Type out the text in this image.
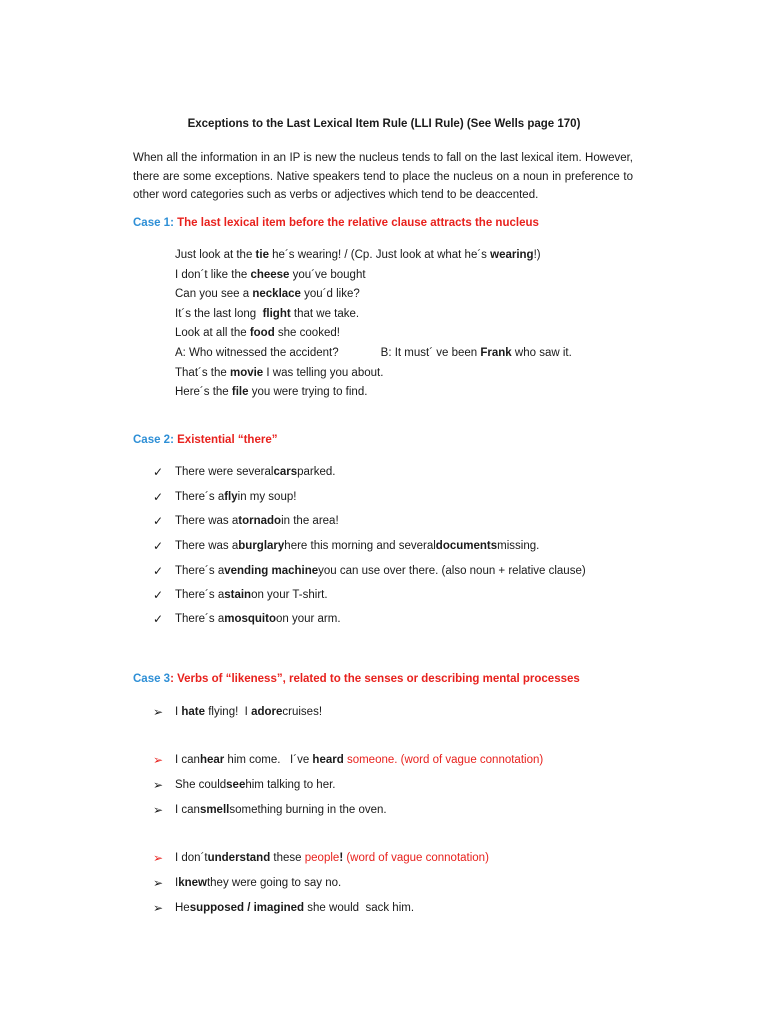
Exceptions to the Last Lexical Item Rule (LLI Rule) (See Wells page 170)
When all the information in an IP is new the nucleus tends to fall on the last lexical item. However, there are some exceptions. Native speakers tend to place the nucleus on a noun in preference to other word categories such as verbs or adjectives which tend to be deaccented.
Case 1: The last lexical item before the relative clause attracts the nucleus
Just look at the tie he´s wearing! / (Cp. Just look at what he´s wearing!)
I don´t like the cheese you´ve bought
Can you see a necklace you´d like?
It´s the last long  flight that we take.
Look at all the food she cooked!
A: Who witnessed the accident?	B: It must´ ve been Frank who saw it.
That´s the movie I was telling you about.
Here´s the file you were trying to find.
Case 2: Existential “there”
✓	There were several cars parked.
✓	There´s a fly in my soup!
✓	There was a tornado in the area!
✓	There was a burglary here this morning and several documents missing.
✓	There´s a vending machine you can use over there. (also noun + relative clause)
✓	There´s a stain on your T-shirt.
✓	There´s a mosquito on your arm.
Case 3: Verbs of “likeness”, related to the senses or describing mental processes
➢	I hate flying!  I adore cruises!
➢	I can hear him come.   I´ve heard someone. (word of vague connotation)
➢	She could see him talking to her.
➢	I can smell something burning in the oven.
➢	I don´t understand these people ! (word of vague connotation)
➢	I knew they were going to say no.
➢	He supposed / imagined she would  sack him.
